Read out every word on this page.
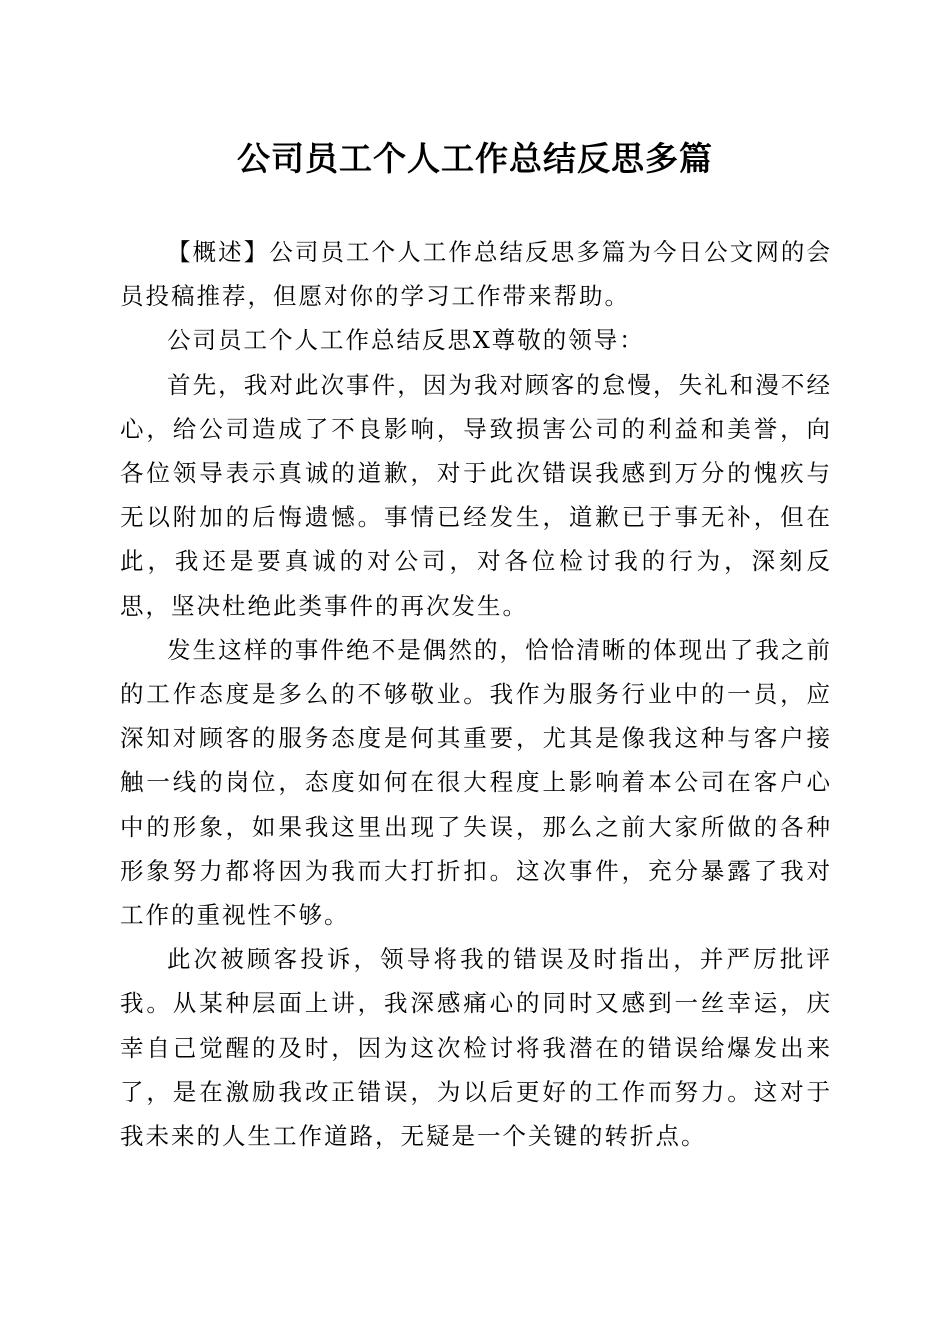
公司员工个人工作总结反思多篇

【概述】公司员工个人工作总结反思多篇为今日公文网的会员投稿推荐，但愿对你的学习工作带来帮助。

公司员工个人工作总结反思X尊敬的领导：

首先，我对此次事件，因为我对顾客的怠慢，失礼和漫不经心，给公司造成了不良影响，导致损害公司的利益和美誉，向各位领导表示真诚的道歉，对于此次错误我感到万分的愧疚与无以附加的后悔遗憾。事情已经发生，道歉已于事无补，但在此，我还是要真诚的对公司，对各位检讨我的行为，深刻反思，坚决杜绝此类事件的再次发生。

发生这样的事件绝不是偶然的，恰恰清晰的体现出了我之前的工作态度是多么的不够敬业。我作为服务行业中的一员，应深知对顾客的服务态度是何其重要，尤其是像我这种与客户接触一线的岗位，态度如何在很大程度上影响着本公司在客户心中的形象，如果我这里出现了失误，那么之前大家所做的各种形象努力都将因为我而大打折扣。这次事件，充分暴露了我对工作的重视性不够。

此次被顾客投诉，领导将我的错误及时指出，并严厉批评我。从某种层面上讲，我深感痛心的同时又感到一丝幸运，庆幸自己觉醒的及时，因为这次检讨将我潜在的错误给爆发出来了，是在激励我改正错误，为以后更好的工作而努力。这对于我未来的人生工作道路，无疑是一个关键的转折点。
